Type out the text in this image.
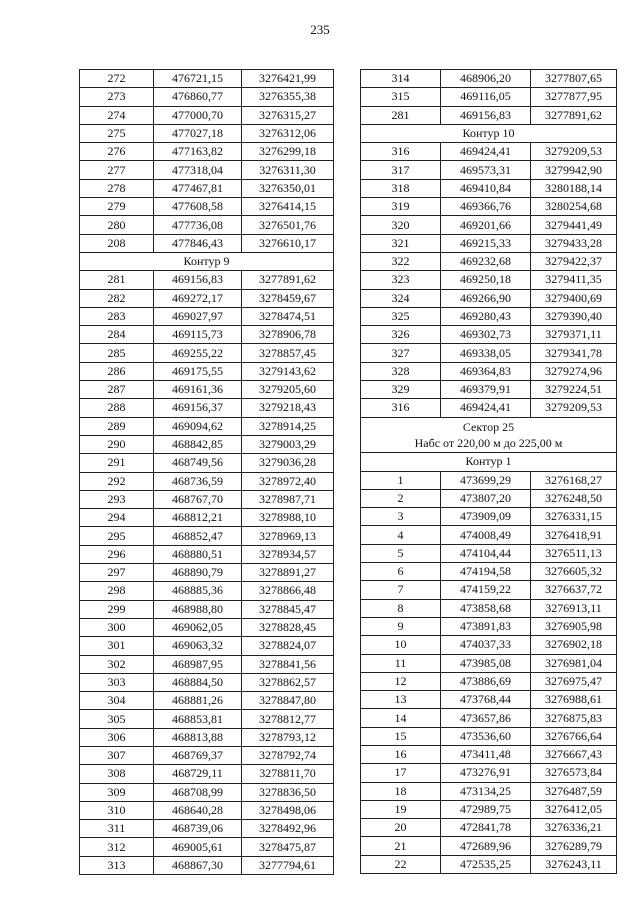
235
272	476721,15	3276421,99
273	476860,77	3276355,38
274	477000,70	3276315,27
275	477027,18	3276312,06
276	477163,82	3276299,18
277	477318,04	3276311,30
278	477467,81	3276350,01
279	477608,58	3276414,15
280	477736,08	3276501,76
208	477846,43	3276610,17
Контур 9		
281	469156,83	3277891,62
282	469272,17	3278459,67
283	469027,97	3278474,51
284	469115,73	3278906,78
285	469255,22	3278857,45
286	469175,55	3279143,62
287	469161,36	3279205,60
288	469156,37	3279218,43
289	469094,62	3278914,25
290	468842,85	3279003,29
291	468749,56	3279036,28
292	468736,59	3278972,40
293	468767,70	3278987,71
294	468812,21	3278988,10
295	468852,47	3278969,13
296	468880,51	3278934,57
297	468890,79	3278891,27
298	468885,36	3278866,48
299	468988,80	3278845,47
300	469062,05	3278828,45
301	469063,32	3278824,07
302	468987,95	3278841,56
303	468884,50	3278862,57
304	468881,26	3278847,80
305	468853,81	3278812,77
306	468813,88	3278793,12
307	468769,37	3278792,74
308	468729,11	3278811,70
309	468708,99	3278836,50
310	468640,28	3278498,06
311	468739,06	3278492,96
312	469005,61	3278475,87
313	468867,30	3277794,61
314	468906,20	3277807,65
315	469116,05	3277877,95
281	469156,83	3277891,62
Контур 10		
316	469424,41	3279209,53
317	469573,31	3279942,90
318	469410,84	3280188,14
319	469366,76	3280254,68
320	469201,66	3279441,49
321	469215,33	3279433,28
322	469232,68	3279422,37
323	469250,18	3279411,35
324	469266,90	3279400,69
325	469280,43	3279390,40
326	469302,73	3279371,11
327	469338,05	3279341,78
328	469364,83	3279274,96
329	469379,91	3279224,51
316	469424,41	3279209,53

Сектор 25
Набс от 220,00 м до 225,00 м		

Контур 1		
1	473699,29	3276168,27
2	473807,20	3276248,50
3	473909,09	3276331,15
4	474008,49	3276418,91
5	474104,44	3276511,13
6	474194,58	3276605,32
7	474159,22	3276637,72
8	473858,68	3276913,11
9	473891,83	3276905,98
10	474037,33	3276902,18
11	473985,08	3276981,04
12	473886,69	3276975,47
13	473768,44	3276988,61
14	473657,86	3276875,83
15	473536,60	3276766,64
16	473411,48	3276667,43
17	473276,91	3276573,84
18	473134,25	3276487,59
19	472989,75	3276412,05
20	472841,78	3276336,21
21	472689,96	3276289,79
22	472535,25	3276243,11
